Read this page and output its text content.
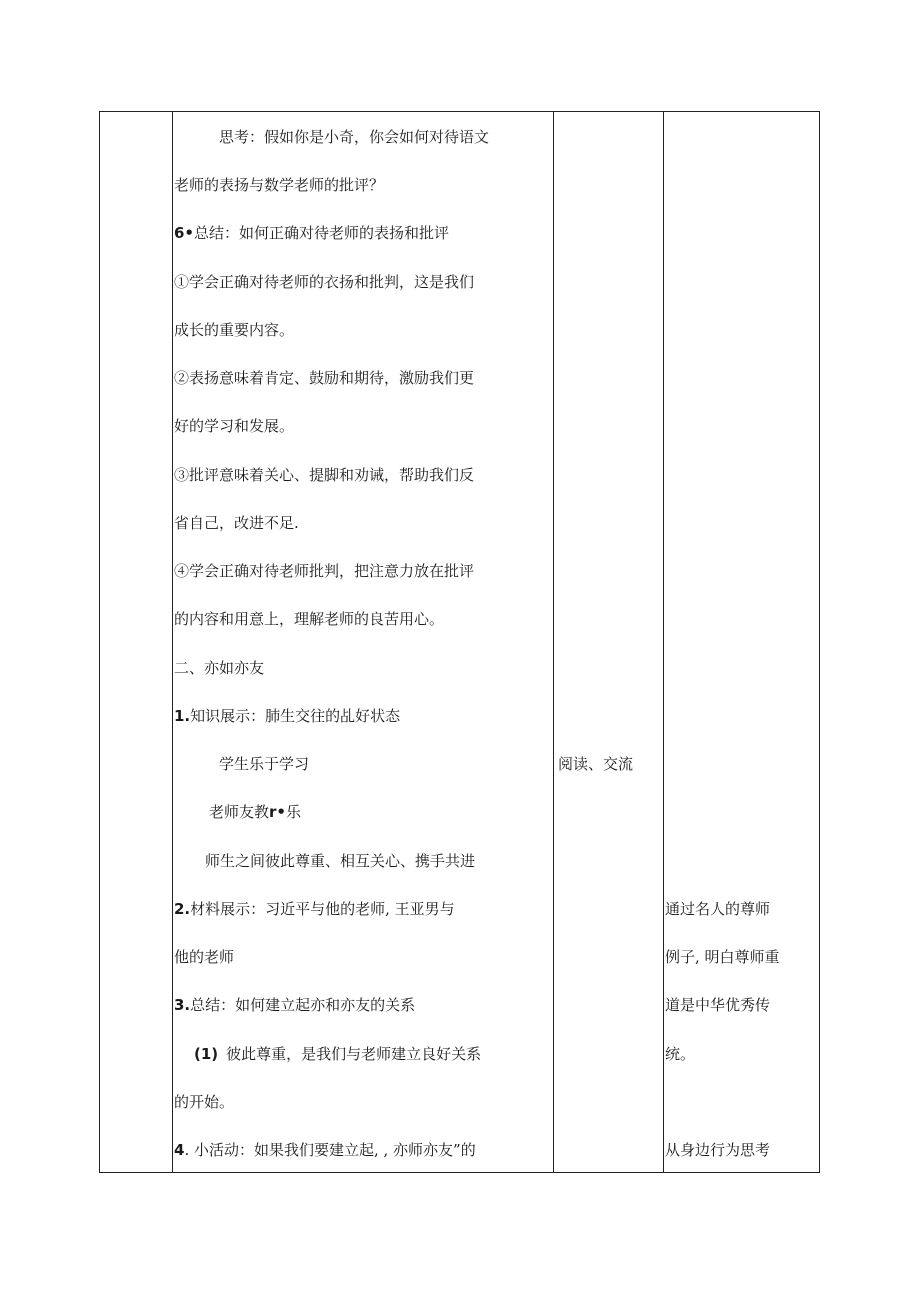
思考：假如你是小奇，你会如何对待语文
老师的表扬与数学老师的批评？
6•总结：如何正确对待老师的表扬和批评
①学会正确对待老师的衣扬和批判，这是我们
成长的重要内容。
②表扬意味着肯定、鼓励和期待，激励我们更
好的学习和发展。
③批评意味着关心、提脚和劝诫，帮助我们反
省自己，改进不足.
④学会正确对待老师批判，把注意力放在批评
的内容和用意上，理解老师的良苦用心。
二、亦如亦友
1.知识展示：肺生交往的乩好状态
学生乐于学习
老师友教r•乐
师生之间彼此尊重、相互关心、携手共进
2.材料展示：习近平与他的老师, 王亚男与
他的老师
3.总结：如何建立起亦和亦友的关系
(1) 彼此尊重，是我们与老师建立良好关系
的开始。
4. 小活动：如果我们要建立起, , 亦师亦友”的
阅读、交流
通过名人的尊师
例子, 明白尊师重
道是中华优秀传
统。
从身边行为思考
